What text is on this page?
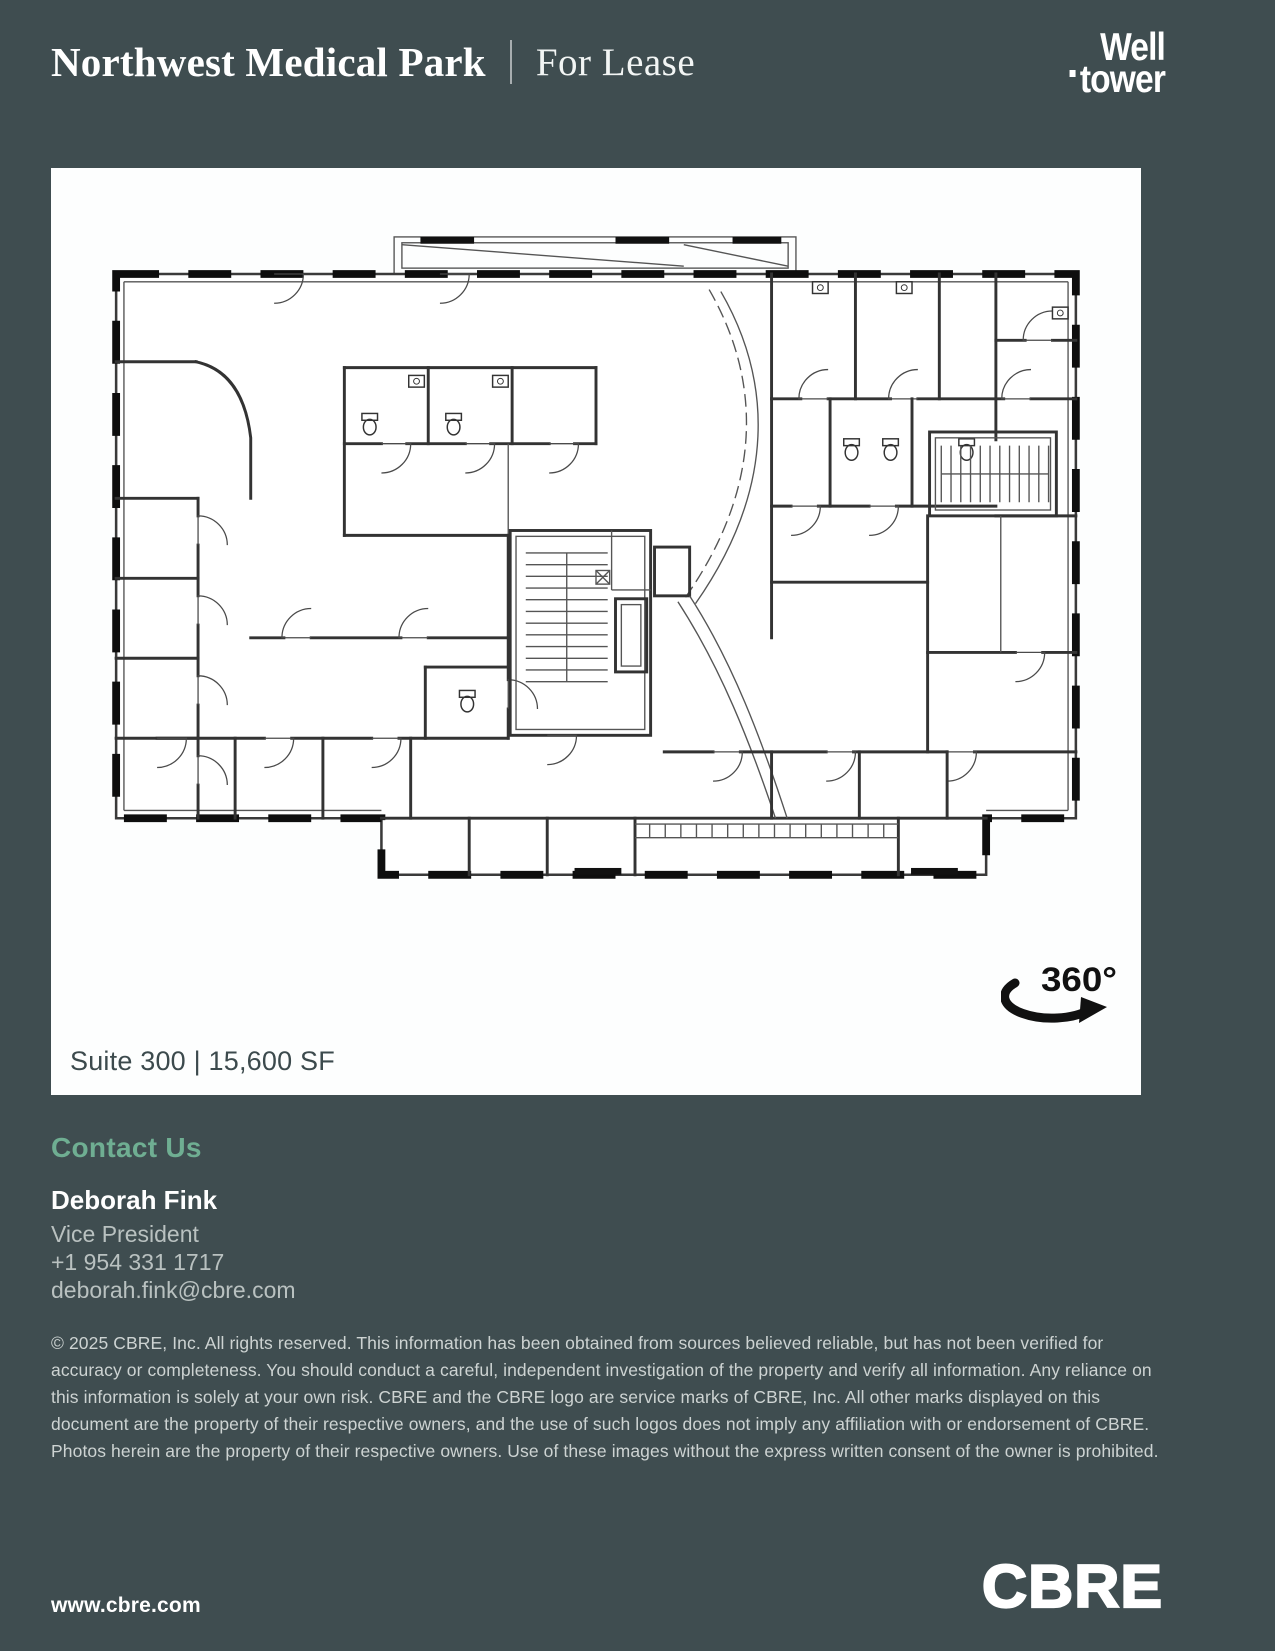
Northwest Medical Park For Lease	Well
tower
Suite 300 | 15,600 SF
360°
Contact Us
Deborah Fink
Vice President
+1 954 331 1717
deborah.fink@cbre.com
© 2025 CBRE, Inc. All rights reserved. This information has been obtained from sources believed reliable, but has not been verified for accuracy or completeness. You should conduct a careful, independent investigation of the property and verify all information. Any reliance on this information is solely at your own risk. CBRE and the CBRE logo are service marks of CBRE, Inc. All other marks displayed on this document are the property of their respective owners, and the use of such logos does not imply any affiliation with or endorsement of CBRE. Photos herein are the property of their respective owners. Use of these images without the express written consent of the owner is prohibited.
www.cbre.com	CBRE
